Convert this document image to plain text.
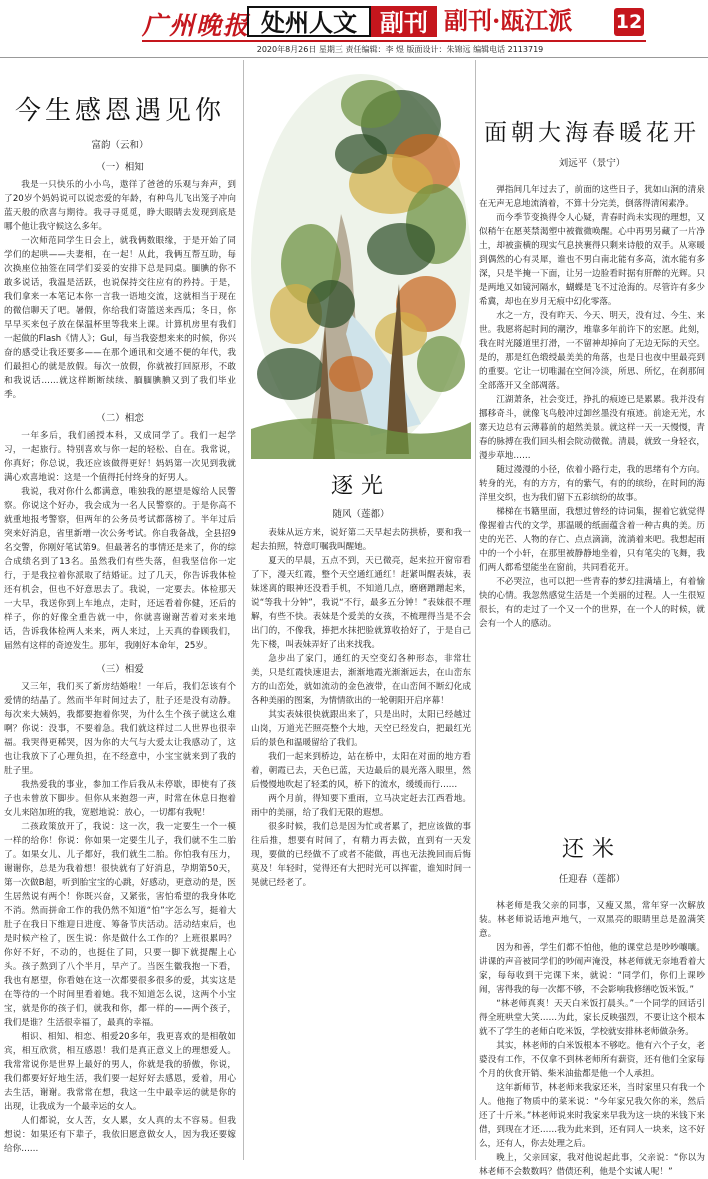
广州晚报 处州人文 副刊 副刊·瓯江派	12
2020年8月26日 星期三 责任编辑：李 煜 版面设计：朱锦远 编辑电话 2113719
今生感恩遇见你
富韵（云和）
（一）相知

我是一只快乐的小小鸟，遨徉了爸爸的乐观与奔声，到了20岁个妈妈说可以说恋爱的年龄，有种鸟儿飞出笼子冲向蓝天般的欣喜与期待。我寻寻觅觅，睁大眼睛去发现到底是哪个他让我守候这么多年。

一次师范同学生日会上，就我俩数眼缘，于是开始了同学们的起哄——夫妻相，在一起！从此，我俩互帮互助，每次换座位抽签在同学们妥妥的安排下总是同桌。腼腆的你不敢多说话，我温是活跃，也说保持交往应有的矜持。于是，我们拿来一本笔记本你一言我一语地交流，这就相当于现在的微信聊天了吧。暑假，你给我们寄篮送来西瓜；冬日，你早早买来包子放在保温杯里等我来上课。计算机房里有我们一起做的Flash《情人》；Gul，每当我姿想来来的时候，你兴奋的感受让我还要多——在那个通讯和交通不便的年代，我们最担心的就是放假。每次一放假，你就被打回原形，不敢和我说话……就这样断断续续、腼腼腆腆又到了我们毕业季。

（二）相恋

一年多后，我们函授本科，又成同学了。我们一起学习，一起旅行。特别喜欢与你一起的轻松、自在。我常说，你真好；你总说，我还应该做得更好！妈妈第一次见到我就满心欢喜地说：这是一个值得托付终身的好男人。

我说，我对你什么都满意，唯独我的愿望是嫁给人民警察。你说这个好办，我会成为一名人民警察的。于是你高不就重地报考警察，但两年的公务员考试都落榜了。半年过后突来好消息，省里新增一次公务考试。你自我备战，全县招9名交警，你刚好笔试第9。但最著名的事情还是来了，你的综合成绩名到了13名。虽然我们有些失落，但我坚信你一定行，于是我拉着你派取了结婚证。过了几天，你告诉我体检还有机会，但也不好意思去了。我说，一定要去。体检那天一大早，我送你到上车地点，走时，还远看着你健，还后的样子，你的好像全重告就一中，你就喜谢谢苦着对来来地话，告诉我体检两人来来，两人来过，上天真的眷顾我们，届然有这样的奇迹发生。那年，我刚好本命年，25岁。

（三）相爱

又三年，我们买了新房结婚啦！一年后，我们怎该有个爱情的结晶了。然而半年时间过去了，肚子还是没有动静。每次来大姨妈，我都要抱着你哭，为什么生个孩子就这么难啊？你说：没事，不要着急。我们就这样过二人世界也很幸福。我哭得更稀哭，因为你的大气与大爱太让我感动了，这也让我放下了心理负担，在不经意中，小宝宝就来到了我的肚子里。

我热爱我的事业，参加工作后我从未停歇，即使有了孩子也未曾放下脚步。但你从来抱怨一声，时常在休息日抱着女儿来陪加班的我，宽慰地说：放心，一切都有我呢！

二孩政策放开了，我说：这一次，我一定要生一个一模一样的给你！你说：你如果一定要生儿子，我们就不生二胎了。如果女儿、儿子都好，我们就生二胎。你怕我有压力，谢谢你，总是为我着想！很快就有了好消息，孕期第50天，第一次做B超，听到胎宝宝的心跳，好感动，更意动的是，医生居然说有两个！你既兴奋，又紧张，害怕希望的我身体吃不消。然而拼命工作的我仍然不知道“怕”字怎么写，挺着大肚子在我日下维迎日进度、筹备节庆活动。活动结束后，也是时候产检了，医生说：你是做什么工作的？上班很累吗？你好不好，不动的，也挺住了同，只要一脚下就提醒上心头。孩子熬到了八个半月，早产了。当医生徽我抱一下看，我也有愿望，你看她在这一次都要很多很多的爱，其实这是在等待的一个时间里看着她。我不知道怎么说，这两个小宝宝，就是你的孩子们，就我和你，都一样的——两个孩子，我们是谁？生活很幸福了，最真的幸福。

相识、相知、相恋、相爱20多年，我更喜欢的是相敬如宾，相互欣赏，相互感恩！我们是真正意义上的理想爱人。我常常说你是世界上最好的男人，你就是我的骄傲，你说，我们都要好好地生活，我们要一起好好去感恩，爱着，用心去生活，谢谢。我常常在想，我这一生中最幸运的就是你的出现，让我成为一个最幸运的女人。

人们都说，女人苦，女人累，女人真的太不容易。但我想说：如果还有下辈子，我依旧愿意做女人，因为我还要嫁给你……

逐光
随风（莲都）

表妹从远方来，说好第二天早起去防拱桥，要和我一起去拍照，特意叮嘱我叫醒她。

夏天的早晨，五点不到，天已微亮，起来拉开窗帘看了下，漫天红霞，整个天空通红通红！赶紧叫醒表妹，表妹迷离的眼神还没看手机，不知道几点，磨磨蹭蹭起来，说“等我十分钟”，我说“不行，最多五分钟！”表妹很不理解，有些不快。表妹是个爱美的女孩，不梳理得当是不会出门的，不像我，捧把水抹把脸就算收拾好了，于是自己先下楼，叫表妹弄好了出来找我。

急步出了家门，通红的天空变幻各种形态，非常壮美，只是红霞快速退去，渐渐地霞光渐渐远去，在山峦东方的山峦处，就如流动的金色液带，在山峦间不断幻化成各种美丽的图案，为情情欲出的一轮朝阳开启序幕！

其实表妹很快就跟出来了，只是出时，太阳已经越过山岗，万道光芒照亮整个大地，天空已经发白，把最红光后的景色和温暖留给了我们。

我们一起来到桥边，站在桥中，太阳在对面的地方看着，朝霞已去，天色已蓝，天边最后的晨光落入眼里，然后慢慢地吹起了轻柔的风，桥下的流水，缓缓而行……

两个月前，得知要下重雨，立马决定赶去江西看地。雨中的美丽，给了我们无限的遐想。

很多时候，我们总是因为忙或者累了，把应该做的事往后推，想要有时间了，有精力再去做，直到有一天发现，要做的已经做不了或者不能做，再也无法挽回而后悔莫及！年轻时，觉得还有大把时光可以挥霍，谁知时间一晃就已经老了。

面朝大海春暖花开
刘远平（景宁）

弹指间几年过去了，前面的这些日子，犹如山涧的清泉在无声无息地流淌着，不算十分完美，倒落得清闲素净。

而今季节变换得令人心疑，青春时尚未实现的理想，又似稍午在愿荚禁渴塑中被微微唤醒。心中再男另藏了一片净土，却被蛮横的现实气息挟裹得只剩来诗般的双手。从寒暖到偶然的心有灵犀，谁也不男白南北能有多高，流水能有多深，只是半掩一下面，让另一边脸看时据有肝醉的光辉。只是两地又如镜河隔水，蝴蝶是飞不过沧海的。尽管许有多少希冀，却也在岁月无痕中幻化零落。

水之一方，没有昨天、今天、明天，没有过、今生、来世。我愿将起时间的潮汐，堆靠多年前许下的宏愿。此刻，我在时光隧道里打滑，一不留神却掉向了无边无际的天空。是的，那是红色缎绶最美美的角落，也是日也夜中里最亮到的重要。它让一切唯漏在空间冷淡，所思、所忆，在刹那间全部落开又全部凋落。

江湖萧条，社会变迁，挣扎的痕迹已是累累。我并没有挪移奇斗，就像飞鸟般冲过卸丝墨没有痕迹。前途无光，水寨天边总有云薄暮前的超然美景。就这样一天一天慢慢，青春的脉搏在我们回头相会院动微微。清晨，就致一身轻衣，漫步草地……

随过漫漫的小径，依着小路行走，我的思绪有个方向。转身的光，有的方方，有的紫气，有的的缤纷，在时间的海洋里交织，也为我们留下五彩缤纷的故事。

梯梯在书籍里面，我想过曾经的诗词集，握着它就觉得像握着古代的文学，那温暖的纸面蕴含着一种古典的美。历史的光芒、人物的存亡、点点滴滴，流淌着来吧。我想起雨中的一个小轩，在那里被静静地坐着，只有笔尖的飞舞，我们两人都希望能坐在窗前，共同看花开。

不必哭泣，也可以把一些青春的梦幻挂满墙上，有着愉快的心情。我忽然感觉生活是一个美丽的过程。人一生很短很长，有的走过了一个又一个的世界，在一个人的时候，就会有一个人的感动。

还米
任迎春（莲都）

林老师是我父亲的同事，又瘦又黑，常年穿一次解放装。林老师说话地声地气，一双黑亮的眼睛里总是盈满笑意。

因为和善，学生们都不怕他，他的课堂总是吵吵嚷嚷。讲课的声音被同学们的吵闹声淹没，林老师就无奈地看着大家，每每收到干完课下来，就说：“同学们，你们上课吵闹，害得我的每一次都不够，不会影响我修缮吃饭米饭。”

“林老师真爽！天天白米饭打晨头。”一个同学的回话引得全班哄堂大笑……为此，家长反映强烈，不要让这个根本就不了学生的老师白吃米饭，学校就安排林老师做杂务。

其实，林老师的白米饭根本不够吃。他有六个子女，老婆没有工作，不仅拿不到林老师所有薪资，还有他们全家每个月的伙食开销、柴米油盐都是他一个人承担。

这年新师节，林老师来我家还米，当时家里只有我一个人。他拖了物质中的菜米说：“今年家兄我欠你的米，然后还了十斤米。”林老师说来时我家来早我为这一块的米钱下来借，到现在才还……我为此来到，还有同人一块来，这不好么，还有人，你去处理之后。

晚上，父亲回家，我对他说起此事，父亲说：“你以为林老师不会数数吗？借债还利，他是个实诚人呢！”
